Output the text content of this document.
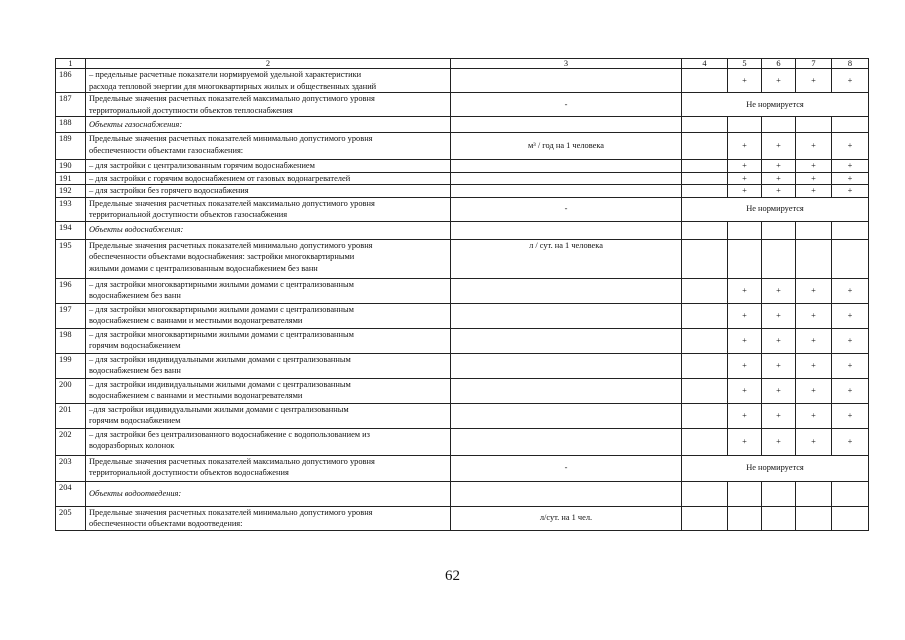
1	2	3	4	5	6	7	8
186	– предельные расчетные показатели нормируемой удельной характеристики
расхода тепловой энергии для многоквартирных жилых и общественных зданий			+	+	+	+
187	Предельные значения расчетных показателей максимально допустимого уровня
территориальной доступности объектов теплоснабжения	-	Не нормируется				
188	Объекты газоснабжения:						

189	Предельные значения расчетных показателей минимально допустимого уровня
обеспеченности объектами газоснабжения:	м³ / год на 1 человека		+	+	+	+
190	– для застройки с централизованным горячим водоснабжением			+	+	+	+
191	– для застройки с горячим водоснабжением от газовых водонагревателей			+	+	+	+
192	– для застройки без горячего водоснабжения			+	+	+	+
193	Предельные значения расчетных показателей максимально допустимого уровня
территориальной доступности объектов газоснабжения	-	Не нормируется				
194	Объекты водоснабжения:						

195	Предельные значения расчетных показателей минимально допустимого уровня
обеспеченности объектами водоснабжения: застройки многоквартирными
жилыми домами с централизованным водоснабжением без ванн	л / сут. на 1 человека					
196	– для застройки многоквартирными жилыми домами с централизованным
водоснабжением без ванн			+	+	+	+
197	– для застройки многоквартирными жилыми домами с централизованным
водоснабжением с ваннами и местными водонагревателями			+	+	+	+
198	– для застройки многоквартирными жилыми домами с централизованным
горячим водоснабжением			+	+	+	+
199	– для застройки индивидуальными жилыми домами с централизованным
водоснабжением без ванн			+	+	+	+
200	– для застройки индивидуальными жилыми домами с централизованным
водоснабжением с ваннами и местными водонагревателями			+	+	+	+
201	–для застройки индивидуальными жилыми домами с централизованным
горячим водоснабжением			+	+	+	+
202	– для застройки без централизованного водоснабжение с водопользованием из
водоразборных колонок			+	+	+	+
203	Предельные значения расчетных показателей максимально допустимого уровня
территориальной доступности объектов водоснабжения	-	Не нормируется				
204	Объекты водоотведения:						

205	Предельные значения расчетных показателей минимально допустимого уровня
обеспеченности объектами водоотведения:	л/сут. на 1 чел.					
62
